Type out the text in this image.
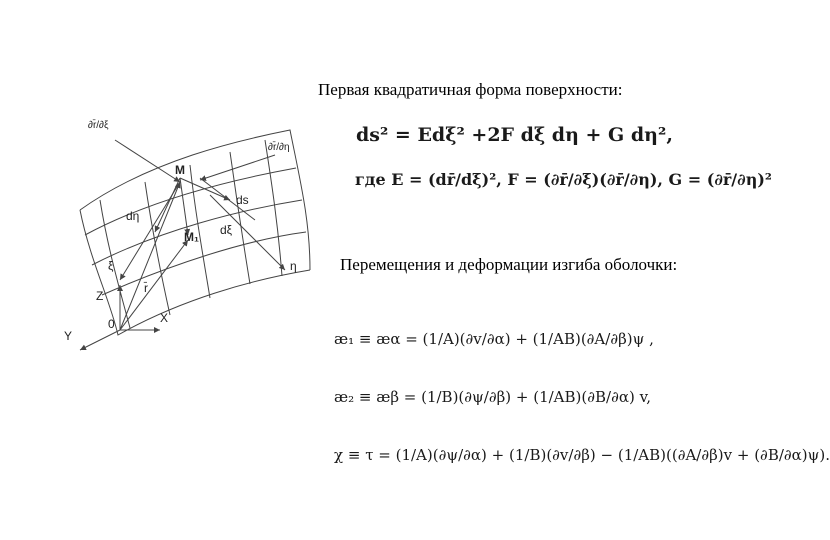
∂r̄/∂ξ
∂r̄/∂η
M
M₁
ds
dη
dξ
ξ	η
r̄
Z
X
0
Y
Первая квадратичная форма поверхности:
ds² = Edξ² +2F dξ dη + G dη²,
где E = (dr̄/dξ)², F = (∂r̄/∂ξ)(∂r̄/∂η), G = (∂r̄/∂η)²
Перемещения и деформации изгиба оболочки:
æ₁ ≡ æα = (1/A)(∂v/∂α) + (1/AB)(∂A/∂β)ψ ,
æ₂ ≡ æβ = (1/B)(∂ψ/∂β) + (1/AB)(∂B/∂α) v,
χ ≡ τ = (1/A)(∂ψ/∂α) + (1/B)(∂v/∂β) − (1/AB)((∂A/∂β)v + (∂B/∂α)ψ).
